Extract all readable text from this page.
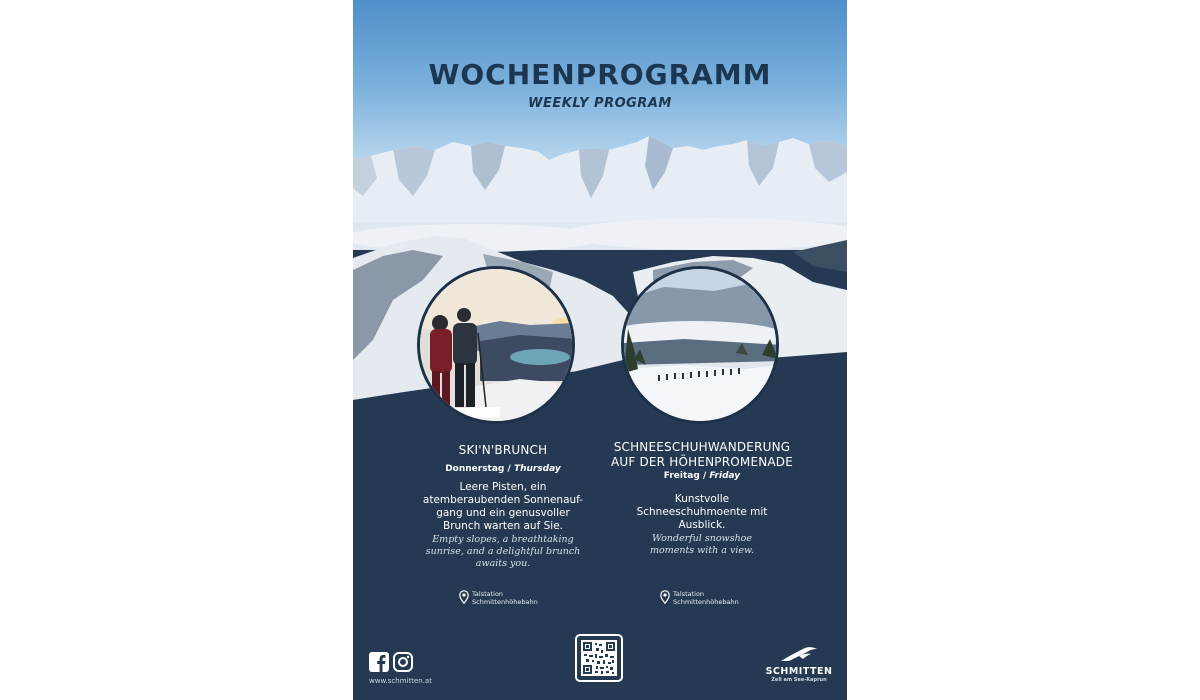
WOCHENPROGRAMM
WEEKLY PROGRAM
SKI'N'BRUNCH
Donnerstag / Thursday
Leere Pisten, ein atemberaubenden Sonnenauf-gang und ein genusvoller Brunch warten auf Sie.
Empty slopes, a breathtaking sunrise, and a delightful brunch awaits you.
SCHNEESCHUHWANDERUNG
AUF DER HÖHENPROMENADE
Freitag / Friday
Kunstvolle Schneeschuhmoente mit Ausblick.
Wonderful snowshoe moments with a view.
Talstation
Schmittenhöhebahn
Talstation
Schmittenhöhebahn
www.schmitten.at
SCHMITTEN
Zell am See-Kaprun
